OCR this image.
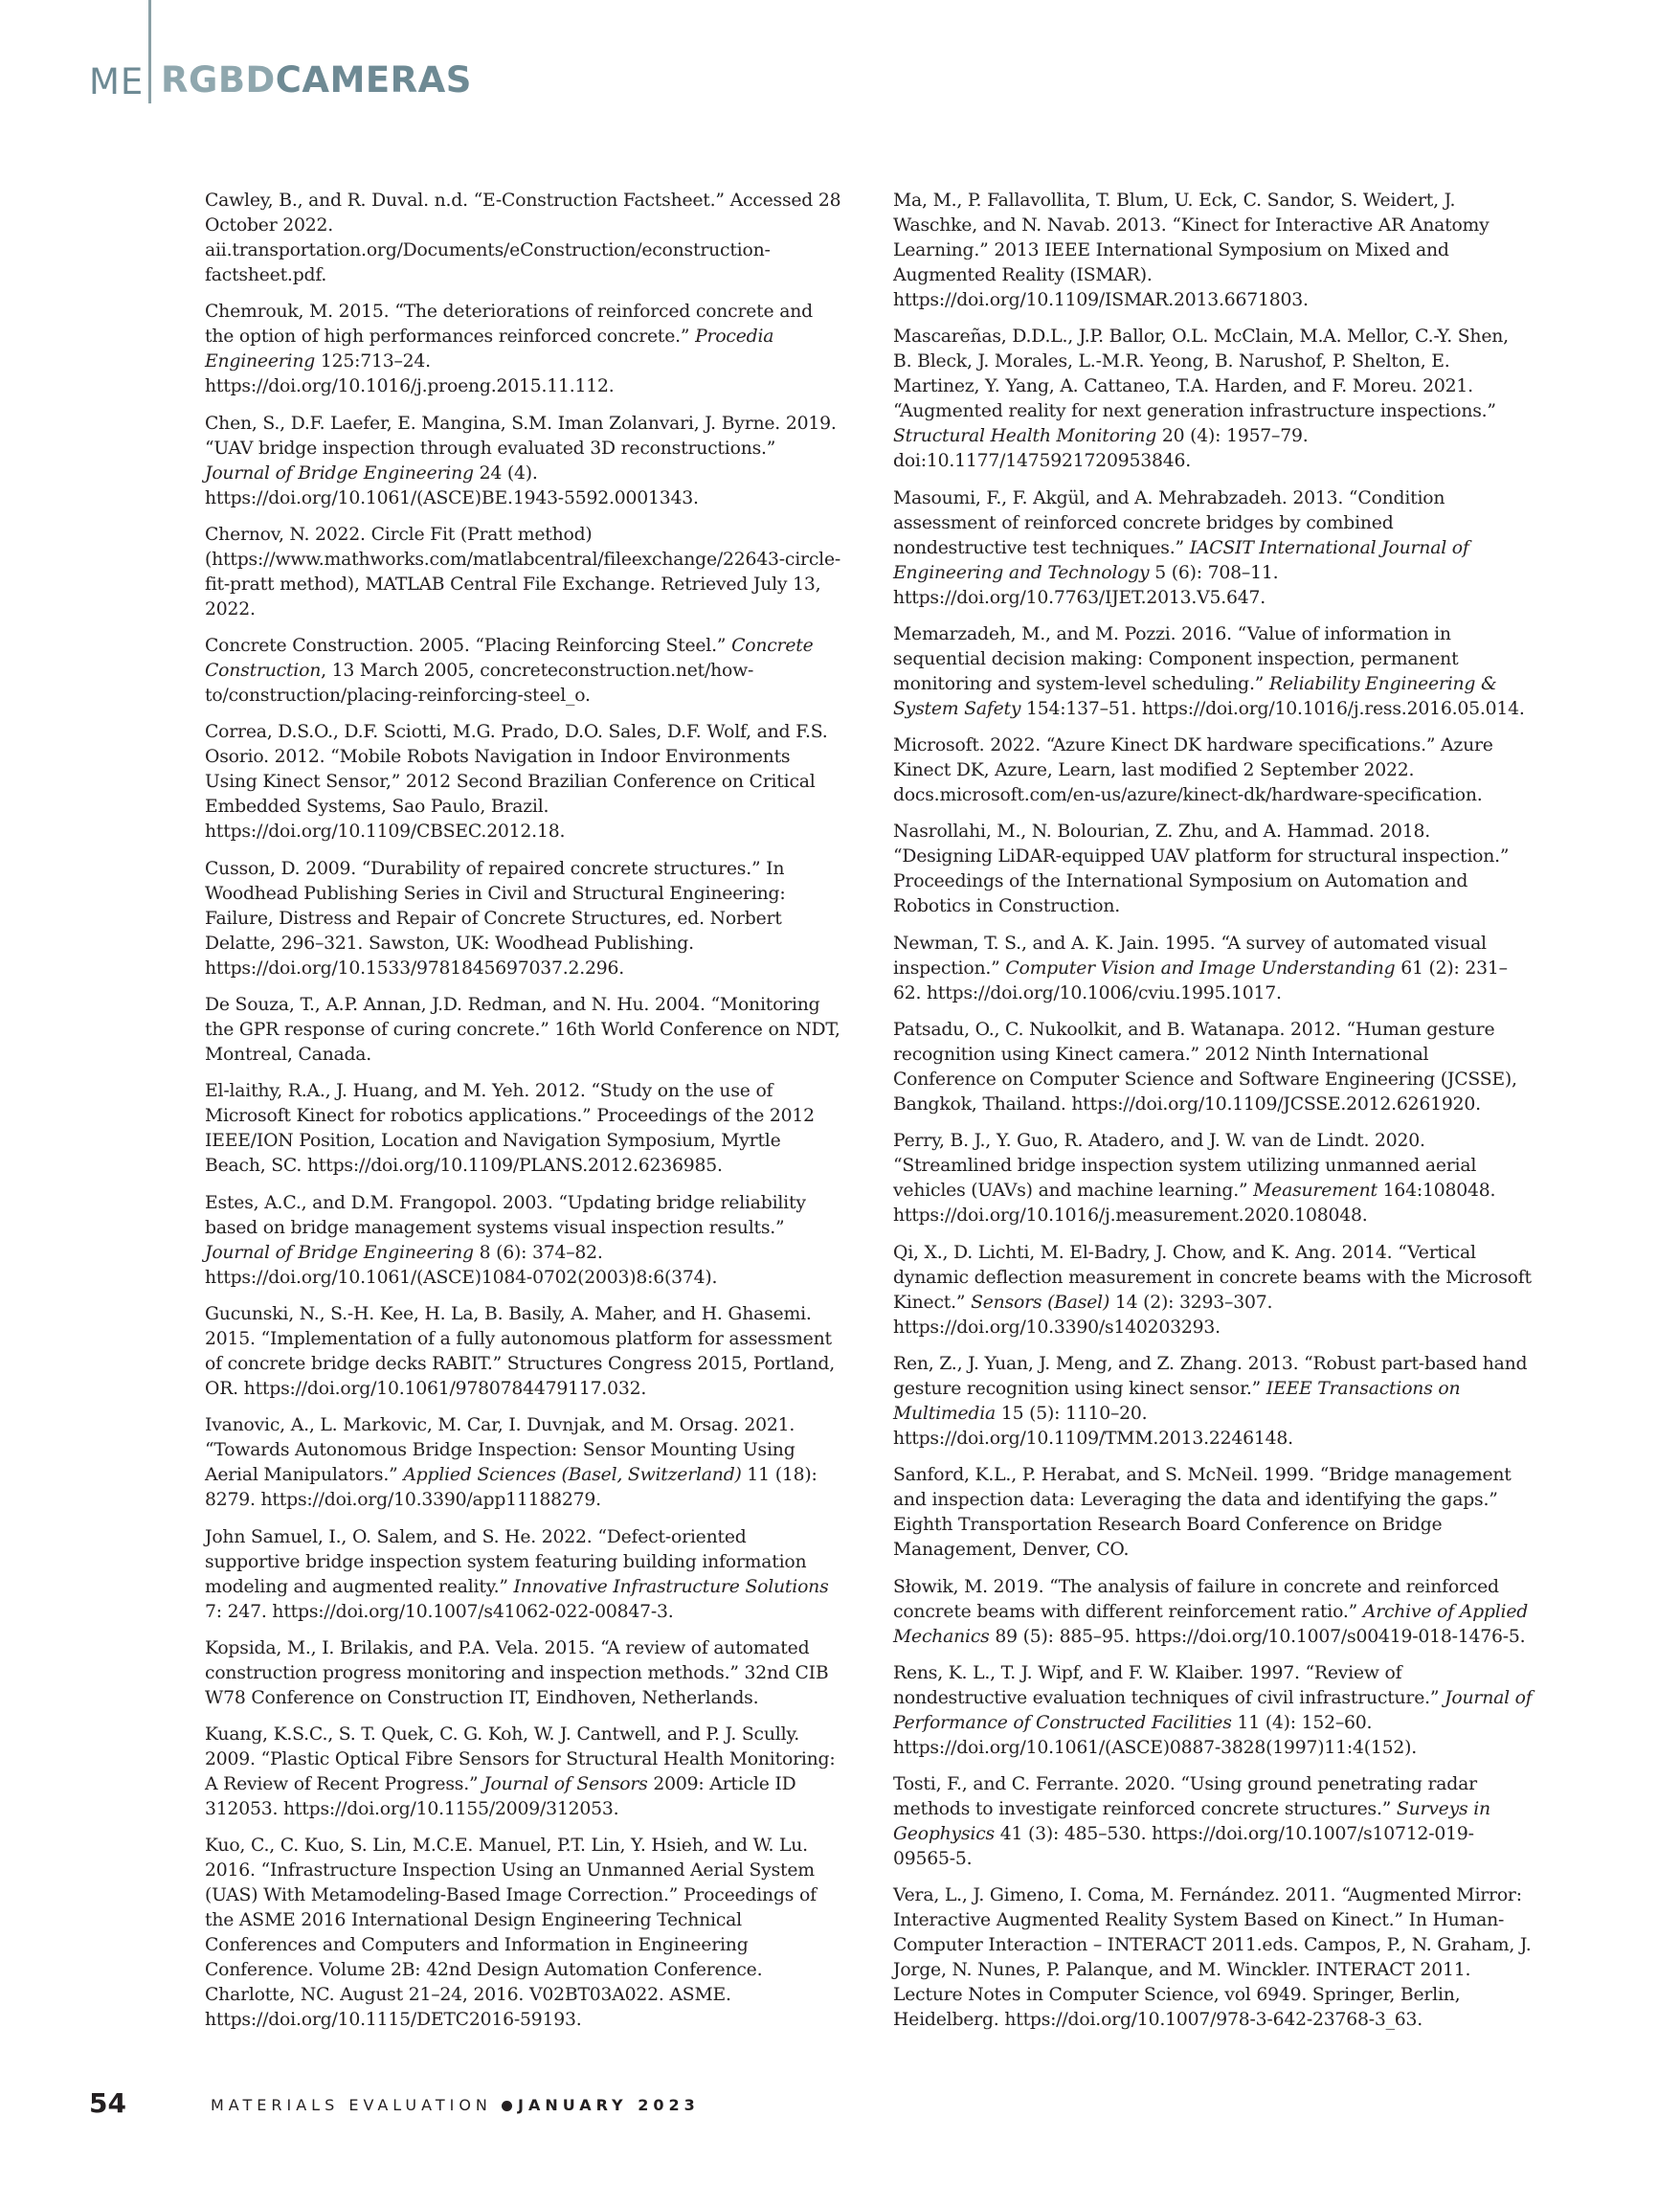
ME RGBDCAMERAS

Cawley, B., and R. Duval. n.d. “E-Construction Factsheet.” Accessed 28 October 2022. aii.transportation.org/Documents/eConstruction/econstruction-factsheet.pdf.

Chemrouk, M. 2015. “The deteriorations of reinforced concrete and the option of high performances reinforced concrete.” Procedia Engineering 125:713–24. https://doi.org/10.1016/j.proeng.2015.11.112.

Chen, S., D.F. Laefer, E. Mangina, S.M. Iman Zolanvari, J. Byrne. 2019. “UAV bridge inspection through evaluated 3D reconstructions.” Journal of Bridge Engineering 24 (4). https://doi.org/10.1061/(ASCE)BE.1943-5592.0001343.

Chernov, N. 2022. Circle Fit (Pratt method) (https://www.mathworks.com/matlabcentral/fileexchange/22643-circle-fit-pratt method), MATLAB Central File Exchange. Retrieved July 13, 2022.

Concrete Construction. 2005. “Placing Reinforcing Steel.” Concrete Construction, 13 March 2005, concreteconstruction.net/how-to/construction/placing-reinforcing-steel_o.

Correa, D.S.O., D.F. Sciotti, M.G. Prado, D.O. Sales, D.F. Wolf, and F.S. Osorio. 2012. “Mobile Robots Navigation in Indoor Environments Using Kinect Sensor,” 2012 Second Brazilian Conference on Critical Embedded Systems, Sao Paulo, Brazil. https://doi.org/10.1109/CBSEC.2012.18.

Cusson, D. 2009. “Durability of repaired concrete structures.” In Woodhead Publishing Series in Civil and Structural Engineering: Failure, Distress and Repair of Concrete Structures, ed. Norbert Delatte, 296–321. Sawston, UK: Woodhead Publishing. https://doi.org/10.1533/9781845697037.2.296.

De Souza, T., A.P. Annan, J.D. Redman, and N. Hu. 2004. “Monitoring the GPR response of curing concrete.” 16th World Conference on NDT, Montreal, Canada.

El-laithy, R.A., J. Huang, and M. Yeh. 2012. “Study on the use of Microsoft Kinect for robotics applications.” Proceedings of the 2012 IEEE/ION Position, Location and Navigation Symposium, Myrtle Beach, SC. https://doi.org/10.1109/PLANS.2012.6236985.

Estes, A.C., and D.M. Frangopol. 2003. “Updating bridge reliability based on bridge management systems visual inspection results.” Journal of Bridge Engineering 8 (6): 374–82. https://doi.org/10.1061/(ASCE)1084-0702(2003)8:6(374).

Gucunski, N., S.-H. Kee, H. La, B. Basily, A. Maher, and H. Ghasemi. 2015. “Implementation of a fully autonomous platform for assessment of concrete bridge decks RABIT.” Structures Congress 2015, Portland, OR. https://doi.org/10.1061/9780784479117.032.

Ivanovic, A., L. Markovic, M. Car, I. Duvnjak, and M. Orsag. 2021. “Towards Autonomous Bridge Inspection: Sensor Mounting Using Aerial Manipulators.” Applied Sciences (Basel, Switzerland) 11 (18): 8279. https://doi.org/10.3390/app11188279.

John Samuel, I., O. Salem, and S. He. 2022. “Defect-oriented supportive bridge inspection system featuring building information modeling and augmented reality.” Innovative Infrastructure Solutions 7: 247. https://doi.org/10.1007/s41062-022-00847-3.

Kopsida, M., I. Brilakis, and P.A. Vela. 2015. “A review of automated construction progress monitoring and inspection methods.” 32nd CIB W78 Conference on Construction IT, Eindhoven, Netherlands.

Kuang, K.S.C., S. T. Quek, C. G. Koh, W. J. Cantwell, and P. J. Scully. 2009. “Plastic Optical Fibre Sensors for Structural Health Monitoring: A Review of Recent Progress.” Journal of Sensors 2009: Article ID 312053. https://doi.org/10.1155/2009/312053.

Kuo, C., C. Kuo, S. Lin, M.C.E. Manuel, P.T. Lin, Y. Hsieh, and W. Lu. 2016. “Infrastructure Inspection Using an Unmanned Aerial System (UAS) With Metamodeling-Based Image Correction.” Proceedings of the ASME 2016 International Design Engineering Technical Conferences and Computers and Information in Engineering Conference. Volume 2B: 42nd Design Automation Conference. Charlotte, NC. August 21–24, 2016. V02BT03A022. ASME. https://doi.org/10.1115/DETC2016-59193.

Ma, M., P. Fallavollita, T. Blum, U. Eck, C. Sandor, S. Weidert, J. Waschke, and N. Navab. 2013. “Kinect for Interactive AR Anatomy Learning.” 2013 IEEE International Symposium on Mixed and Augmented Reality (ISMAR). https://doi.org/10.1109/ISMAR.2013.6671803.

Mascareñas, D.D.L., J.P. Ballor, O.L. McClain, M.A. Mellor, C.-Y. Shen, B. Bleck, J. Morales, L.-M.R. Yeong, B. Narushof, P. Shelton, E. Martinez, Y. Yang, A. Cattaneo, T.A. Harden, and F. Moreu. 2021. “Augmented reality for next generation infrastructure inspections.” Structural Health Monitoring 20 (4): 1957–79. doi:10.1177/1475921720953846.

Masoumi, F., F. Akgül, and A. Mehrabzadeh. 2013. “Condition assessment of reinforced concrete bridges by combined nondestructive test techniques.” IACSIT International Journal of Engineering and Technology 5 (6): 708–11. https://doi.org/10.7763/IJET.2013.V5.647.

Memarzadeh, M., and M. Pozzi. 2016. “Value of information in sequential decision making: Component inspection, permanent monitoring and system-level scheduling.” Reliability Engineering & System Safety 154:137–51. https://doi.org/10.1016/j.ress.2016.05.014.

Microsoft. 2022. “Azure Kinect DK hardware specifications.” Azure Kinect DK, Azure, Learn, last modified 2 September 2022. docs.microsoft.com/en-us/azure/kinect-dk/hardware-specification.

Nasrollahi, M., N. Bolourian, Z. Zhu, and A. Hammad. 2018. “Designing LiDAR-equipped UAV platform for structural inspection.” Proceedings of the International Symposium on Automation and Robotics in Construction.

Newman, T. S., and A. K. Jain. 1995. “A survey of automated visual inspection.” Computer Vision and Image Understanding 61 (2): 231–62. https://doi.org/10.1006/cviu.1995.1017.

Patsadu, O., C. Nukoolkit, and B. Watanapa. 2012. “Human gesture recognition using Kinect camera.” 2012 Ninth International Conference on Computer Science and Software Engineering (JCSSE), Bangkok, Thailand. https://doi.org/10.1109/JCSSE.2012.6261920.

Perry, B. J., Y. Guo, R. Atadero, and J. W. van de Lindt. 2020. “Streamlined bridge inspection system utilizing unmanned aerial vehicles (UAVs) and machine learning.” Measurement 164:108048. https://doi.org/10.1016/j.measurement.2020.108048.

Qi, X., D. Lichti, M. El-Badry, J. Chow, and K. Ang. 2014. “Vertical dynamic deflection measurement in concrete beams with the Microsoft Kinect.” Sensors (Basel) 14 (2): 3293–307. https://doi.org/10.3390/s140203293.

Ren, Z., J. Yuan, J. Meng, and Z. Zhang. 2013. “Robust part-based hand gesture recognition using kinect sensor.” IEEE Transactions on Multimedia 15 (5): 1110–20. https://doi.org/10.1109/TMM.2013.2246148.

Sanford, K.L., P. Herabat, and S. McNeil. 1999. “Bridge management and inspection data: Leveraging the data and identifying the gaps.” Eighth Transportation Research Board Conference on Bridge Management, Denver, CO.

Słowik, M. 2019. “The analysis of failure in concrete and reinforced concrete beams with different reinforcement ratio.” Archive of Applied Mechanics 89 (5): 885–95. https://doi.org/10.1007/s00419-018-1476-5.

Rens, K. L., T. J. Wipf, and F. W. Klaiber. 1997. “Review of nondestructive evaluation techniques of civil infrastructure.” Journal of Performance of Constructed Facilities 11 (4): 152–60. https://doi.org/10.1061/(ASCE)0887-3828(1997)11:4(152).

Tosti, F., and C. Ferrante. 2020. “Using ground penetrating radar methods to investigate reinforced concrete structures.” Surveys in Geophysics 41 (3): 485–530. https://doi.org/10.1007/s10712-019-09565-5.

Vera, L., J. Gimeno, I. Coma, M. Fernández. 2011. “Augmented Mirror: Interactive Augmented Reality System Based on Kinect.” In Human-Computer Interaction – INTERACT 2011.eds. Campos, P., N. Graham, J. Jorge, N. Nunes, P. Palanque, and M. Winckler. INTERACT 2011. Lecture Notes in Computer Science, vol 6949. Springer, Berlin, Heidelberg. https://doi.org/10.1007/978-3-642-23768-3_63.

54	MATERIALS EVALUATION JANUARY 2023
